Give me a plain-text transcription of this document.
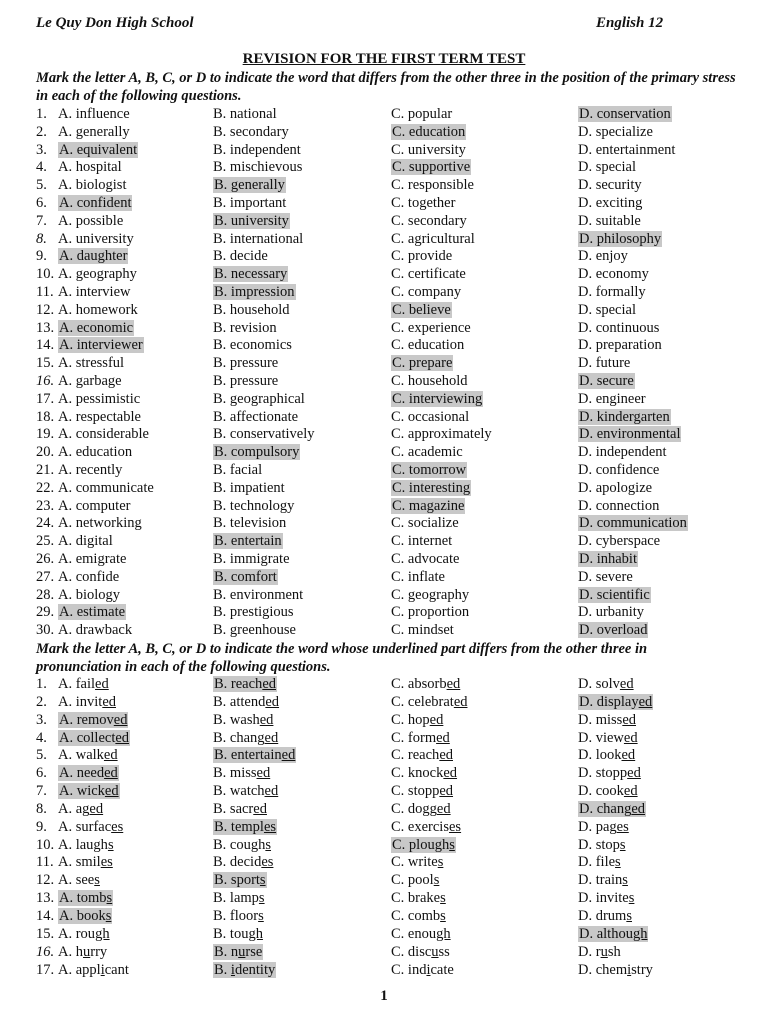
Le Quy Don High School	English 12
REVISION FOR THE FIRST TERM TEST
Mark the letter A, B, C, or D to indicate the word that differs from the other three in the position of the primary stress in each of the following questions.
1. A. influence	B. national	C. popular	D. conservation
2. A. generally	B. secondary	C. education	D. specialize
3. A. equivalent	B. independent	C. university	D. entertainment
4. A. hospital	B. mischievous	C. supportive	D. special
5. A. biologist	B. generally	C. responsible	D. security
6. A. confident	B. important	C. together	D. exciting
7. A. possible	B. university	C. secondary	D. suitable
8. A. university	B. international	C. agricultural	D. philosophy
9. A. daughter	B. decide	C. provide	D. enjoy
10. A. geography	B. necessary	C. certificate	D. economy
11. A. interview	B. impression	C. company	D. formally
12. A. homework	B. household	C. believe	D. special
13. A. economic	B. revision	C. experience	D. continuous
14. A. interviewer	B. economics	C. education	D. preparation
15. A. stressful	B. pressure	C. prepare	D. future
16. A. garbage	B. pressure	C. household	D. secure
17. A. pessimistic	B. geographical	C. interviewing	D. engineer
18. A. respectable	B. affectionate	C. occasional	D. kindergarten
19. A. considerable	B. conservatively	C. approximately	D. environmental
20. A. education	B. compulsory	C. academic	D. independent
21. A. recently	B. facial	C. tomorrow	D. confidence
22. A. communicate	B. impatient	C. interesting	D. apologize
23. A. computer	B. technology	C. magazine	D. connection
24. A. networking	B. television	C. socialize	D. communication
25. A. digital	B. entertain	C. internet	D. cyberspace
26. A. emigrate	B. immigrate	C. advocate	D. inhabit
27. A. confide	B. comfort	C. inflate	D. severe
28. A. biology	B. environment	C. geography	D. scientific
29. A. estimate	B. prestigious	C. proportion	D. urbanity
30. A. drawback	B. greenhouse	C. mindset	D. overload
Mark the letter A, B, C, or D to indicate the word whose underlined part differs from the other three in pronunciation in each of the following questions.
1. A. failed	B. reached	C. absorbed	D. solved
2. A. invited	B. attended	C. celebrated	D. displayed
3. A. removed	B. washed	C. hoped	D. missed
4. A. collected	B. changed	C. formed	D. viewed
5. A. walked	B. entertained	C. reached	D. looked
6. A. needed	B. missed	C. knocked	D. stopped
7. A. wicked	B. watched	C. stopped	D. cooked
8. A. aged	B. sacred	C. dogged	D. changed
9. A. surfaces	B. temples	C. exercises	D. pages
10. A. laughs	B. coughs	C. ploughs	D. stops
11. A. smiles	B. decides	C. writes	D. files
12. A. sees	B. sports	C. pools	D. trains
13. A. tombs	B. lamps	C. brakes	D. invites
14. A. books	B. floors	C. combs	D. drums
15. A. rough	B. tough	C. enough	D. although
16. A. hurry	B. nurse	C. discuss	D. rush
17. A. applicant	B. identity	C. indicate	D. chemistry
1
